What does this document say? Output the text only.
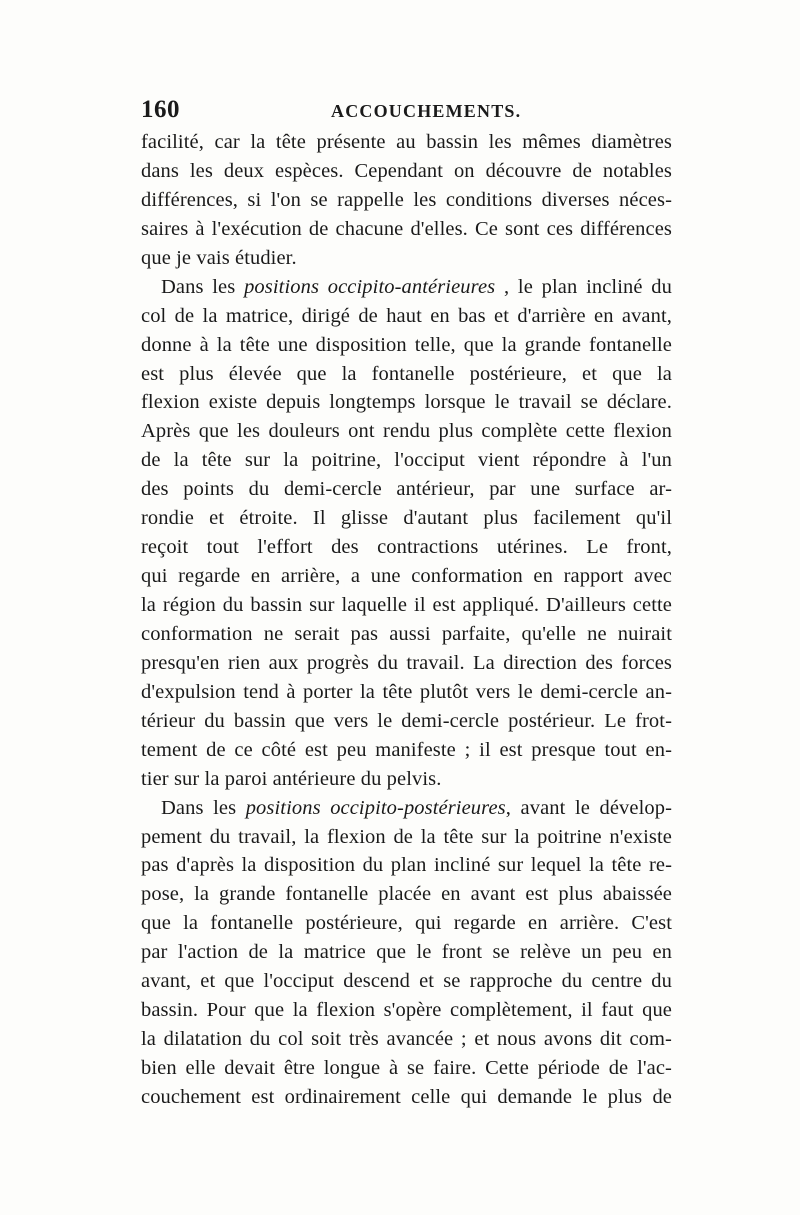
160	ACCOUCHEMENTS.
facilité, car la tête présente au bassin les mêmes diamètres
dans les deux espèces. Cependant on découvre de notables
différences, si l'on se rappelle les conditions diverses néces-
saires à l'exécution de chacune d'elles. Ce sont ces différences
que je vais étudier.
Dans les positions occipito-antérieures , le plan incliné du
col de la matrice, dirigé de haut en bas et d'arrière en avant,
donne à la tête une disposition telle, que la grande fontanelle
est plus élevée que la fontanelle postérieure, et que la
flexion existe depuis longtemps lorsque le travail se déclare.
Après que les douleurs ont rendu plus complète cette flexion
de la tête sur la poitrine, l'occiput vient répondre à l'un
des points du demi-cercle antérieur, par une surface ar-
rondie et étroite. Il glisse d'autant plus facilement qu'il
reçoit tout l'effort des contractions utérines. Le front,
qui regarde en arrière, a une conformation en rapport avec
la région du bassin sur laquelle il est appliqué. D'ailleurs cette
conformation ne serait pas aussi parfaite, qu'elle ne nuirait
presqu'en rien aux progrès du travail. La direction des forces
d'expulsion tend à porter la tête plutôt vers le demi-cercle an-
térieur du bassin que vers le demi-cercle postérieur. Le frot-
tement de ce côté est peu manifeste ; il est presque tout en-
tier sur la paroi antérieure du pelvis.
Dans les positions occipito-postérieures, avant le dévelop-
pement du travail, la flexion de la tête sur la poitrine n'existe
pas d'après la disposition du plan incliné sur lequel la tête re-
pose, la grande fontanelle placée en avant est plus abaissée
que la fontanelle postérieure, qui regarde en arrière. C'est
par l'action de la matrice que le front se relève un peu en
avant, et que l'occiput descend et se rapproche du centre du
bassin. Pour que la flexion s'opère complètement, il faut que
la dilatation du col soit très avancée ; et nous avons dit com-
bien elle devait être longue à se faire. Cette période de l'ac-
couchement est ordinairement celle qui demande le plus de
